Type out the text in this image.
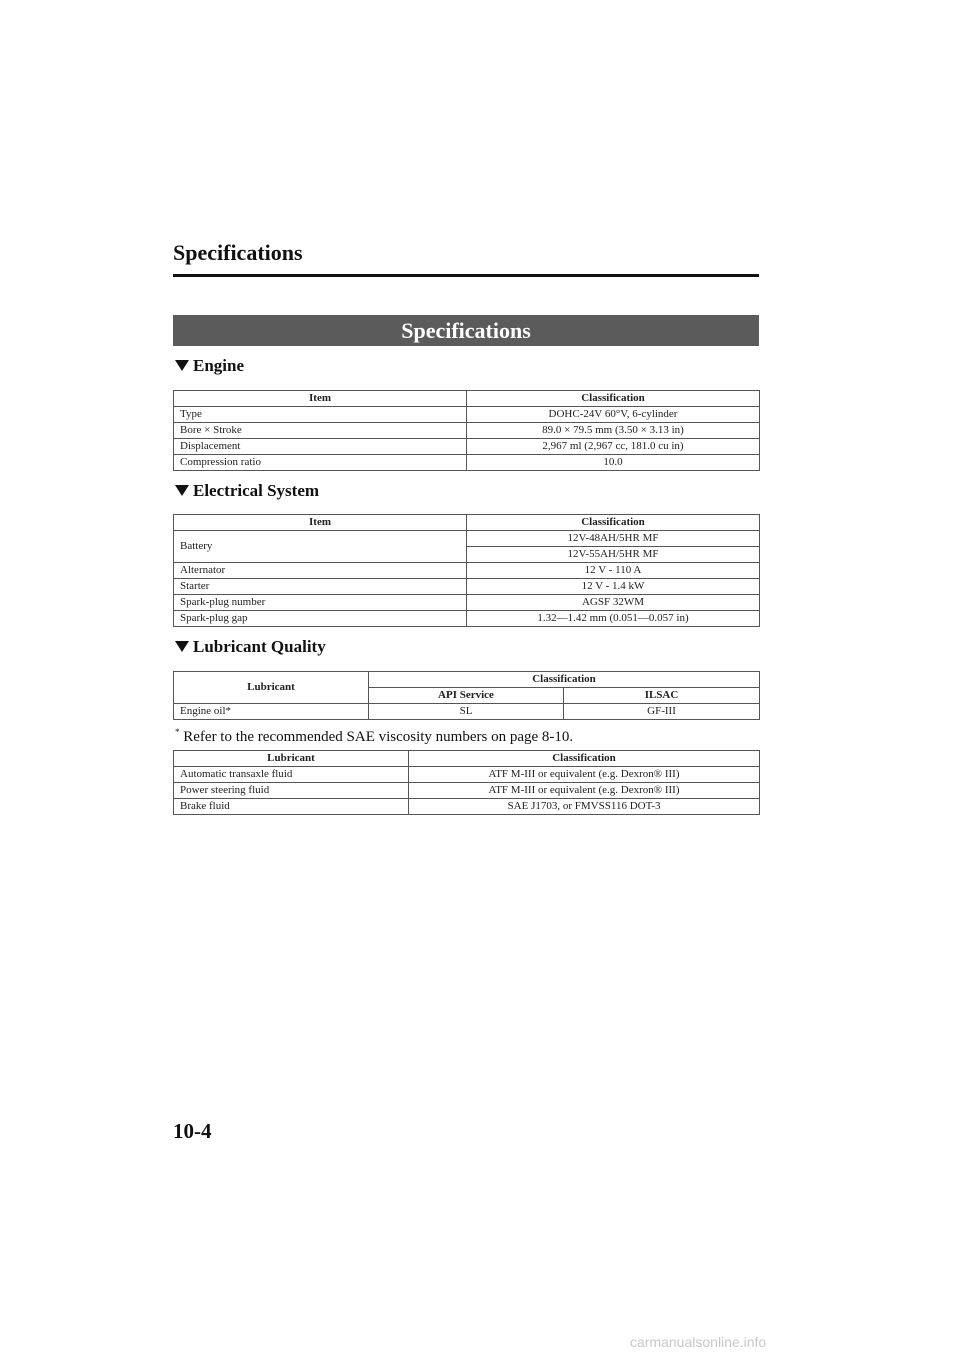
Specifications
Specifications
Engine
Item	Classification
Type	DOHC-24V 60°V, 6-cylinder
Bore × Stroke	89.0 × 79.5 mm (3.50 × 3.13 in)
Displacement	2,967 ml (2,967 cc, 181.0 cu in)
Compression ratio	10.0
Electrical System
Item	Classification
Battery	12V-48AH/5HR MF
	12V-55AH/5HR MF
Alternator	12 V - 110 A
Starter	12 V - 1.4 kW
Spark-plug number	AGSF 32WM
Spark-plug gap	1.32—1.42 mm (0.051—0.057 in)
Lubricant Quality
Lubricant	Classification	
	API Service	ILSAC
Engine oil*	SL	GF-III
* Refer to the recommended SAE viscosity numbers on page 8-10.
Lubricant	Classification
Automatic transaxle fluid	ATF M-III or equivalent (e.g. Dexron® III)
Power steering fluid	ATF M-III or equivalent (e.g. Dexron® III)
Brake fluid	SAE J1703, or FMVSS116 DOT-3
10-4
carmanualsonline.info
